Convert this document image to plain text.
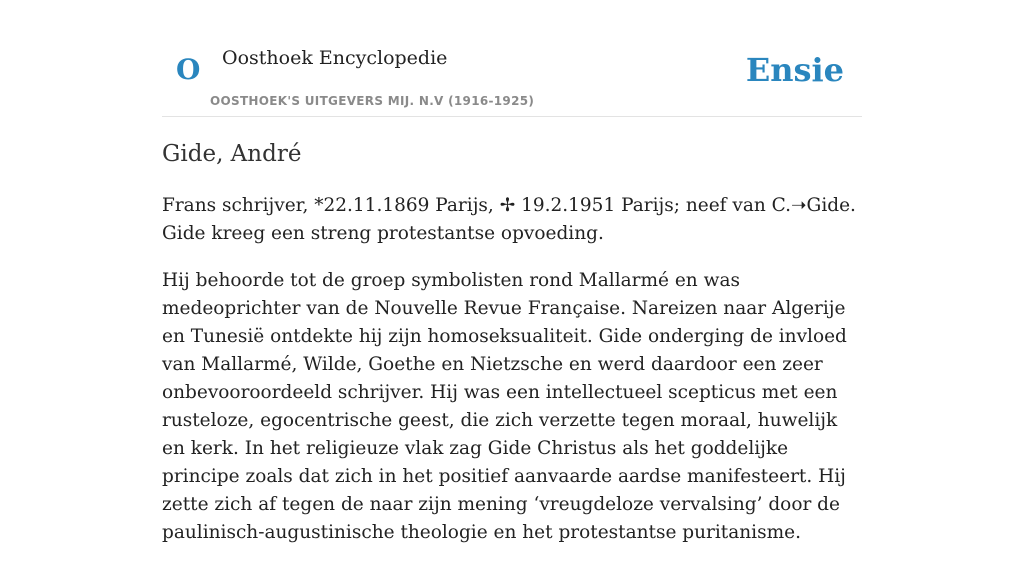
O Oosthoek Encyclopedie
OOSTHOEK'S UITGEVERS MIJ. N.V (1916-1925)
Ensie
Gide, André

Frans schrijver, *22.11.1869 Parijs, ✢ 19.2.1951 Parijs; neef van C.➝Gide. Gide kreeg een streng protestantse opvoeding.

Hij behoorde tot de groep symbolisten rond Mallarmé en was medeoprichter van de Nouvelle Revue Française. Nareizen naar Algerije en Tunesië ontdekte hij zijn homoseksualiteit. Gide onderging de invloed van Mallarmé, Wilde, Goethe en Nietzsche en werd daardoor een zeer onbevooroordeeld schrijver. Hij was een intellectueel scepticus met een rusteloze, egocentrische geest, die zich verzette tegen moraal, huwelijk en kerk. In het religieuze vlak zag Gide Christus als het goddelijke principe zoals dat zich in het positief aanvaarde aardse manifesteert. Hij zette zich af tegen de naar zijn mening ‘vreugdeloze vervalsing’ door de paulinisch-augustinische theologie en het protestantse puritanisme.
